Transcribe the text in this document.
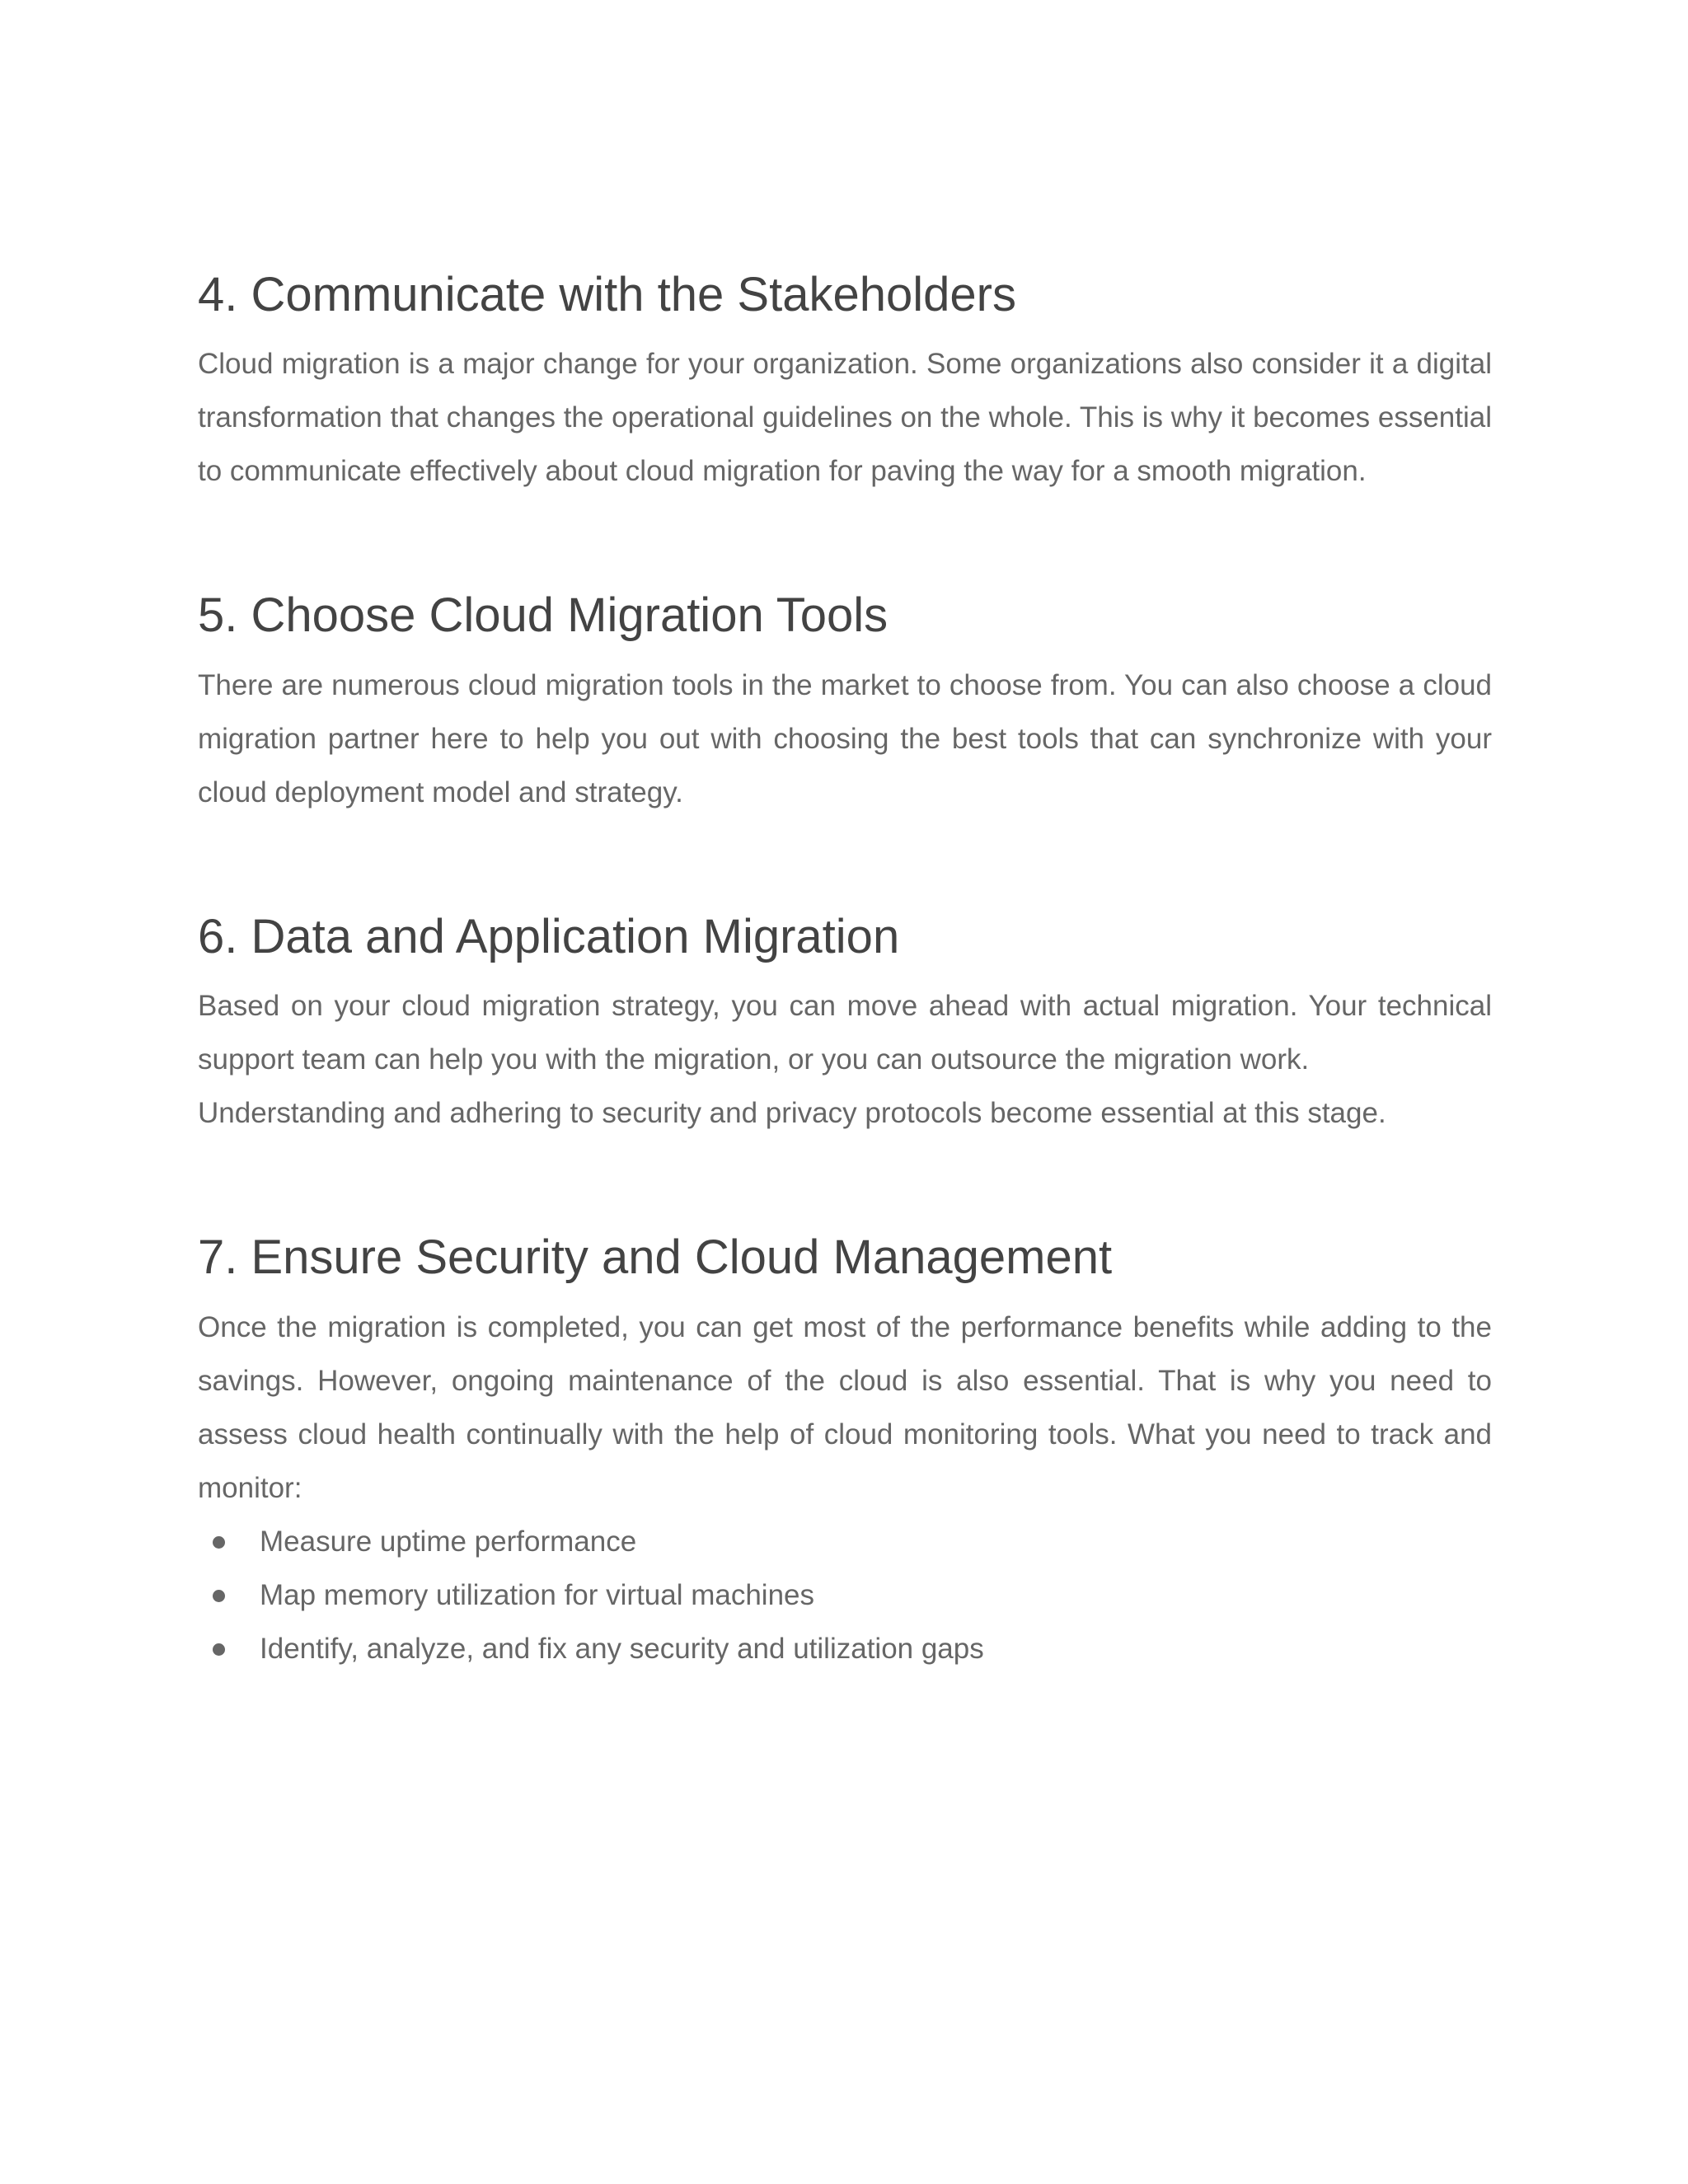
4. Communicate with the Stakeholders

Cloud migration is a major change for your organization. Some organizations also consider it a digital transformation that changes the operational guidelines on the whole. This is why it becomes essential to communicate effectively about cloud migration for paving the way for a smooth migration.

5. Choose Cloud Migration Tools

There are numerous cloud migration tools in the market to choose from. You can also choose a cloud migration partner here to help you out with choosing the best tools that can synchronize with your cloud deployment model and strategy.

6. Data and Application Migration

Based on your cloud migration strategy, you can move ahead with actual migration. Your technical support team can help you with the migration, or you can outsource the migration work.

Understanding and adhering to security and privacy protocols become essential at this stage.

7. Ensure Security and Cloud Management

Once the migration is completed, you can get most of the performance benefits while adding to the savings. However, ongoing maintenance of the cloud is also essential. That is why you need to assess cloud health continually with the help of cloud monitoring tools. What you need to track and monitor:

Measure uptime performance
Map memory utilization for virtual machines
Identify, analyze, and fix any security and utilization gaps
